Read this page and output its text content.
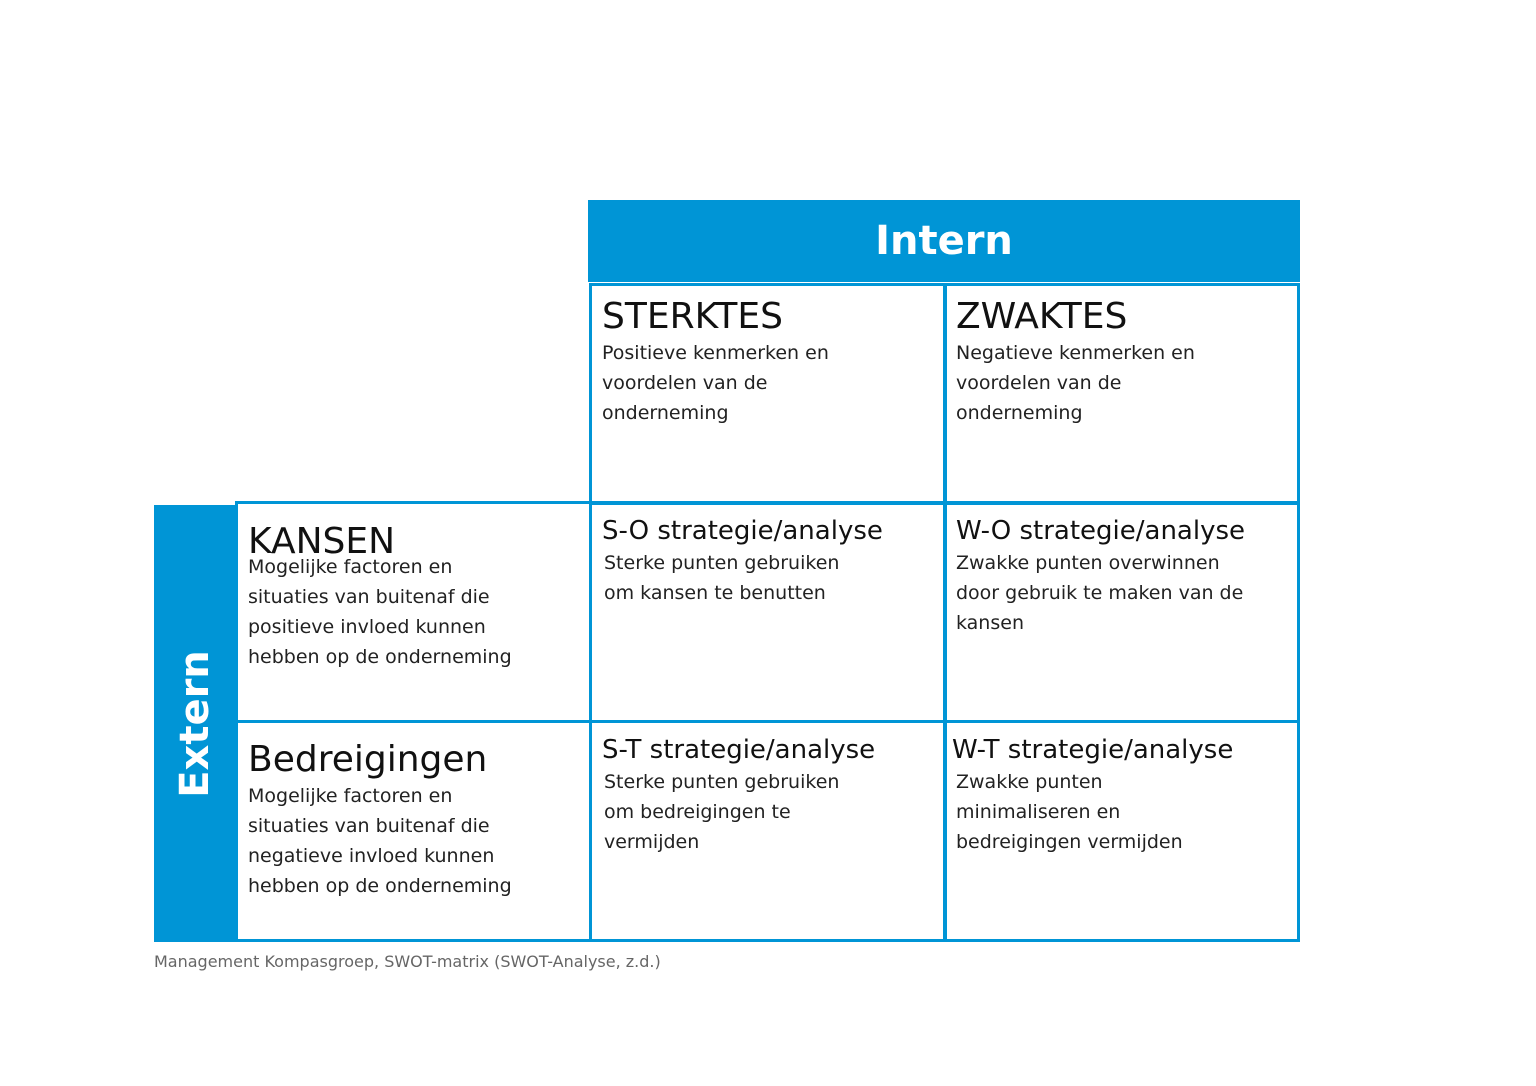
Intern
Extern
STERKTES

Positieve kenmerken en voordelen van de onderneming

ZWAKTES

Negatieve kenmerken en voordelen van de onderneming

KANSEN

Mogelijke factoren en situaties van buitenaf die positieve invloed kunnen hebben op de onderneming

S-O strategie/analyse

Sterke punten gebruiken om kansen te benutten

W-O strategie/analyse

Zwakke punten overwinnen door gebruik te maken van de kansen

Bedreigingen

Mogelijke factoren en situaties van buitenaf die negatieve invloed kunnen hebben op de onderneming

S-T strategie/analyse

Sterke punten gebruiken om bedreigingen te vermijden

W-T strategie/analyse

Zwakke punten minimaliseren en bedreigingen vermijden

Management Kompasgroep, SWOT-matrix (SWOT-Analyse, z.d.)
